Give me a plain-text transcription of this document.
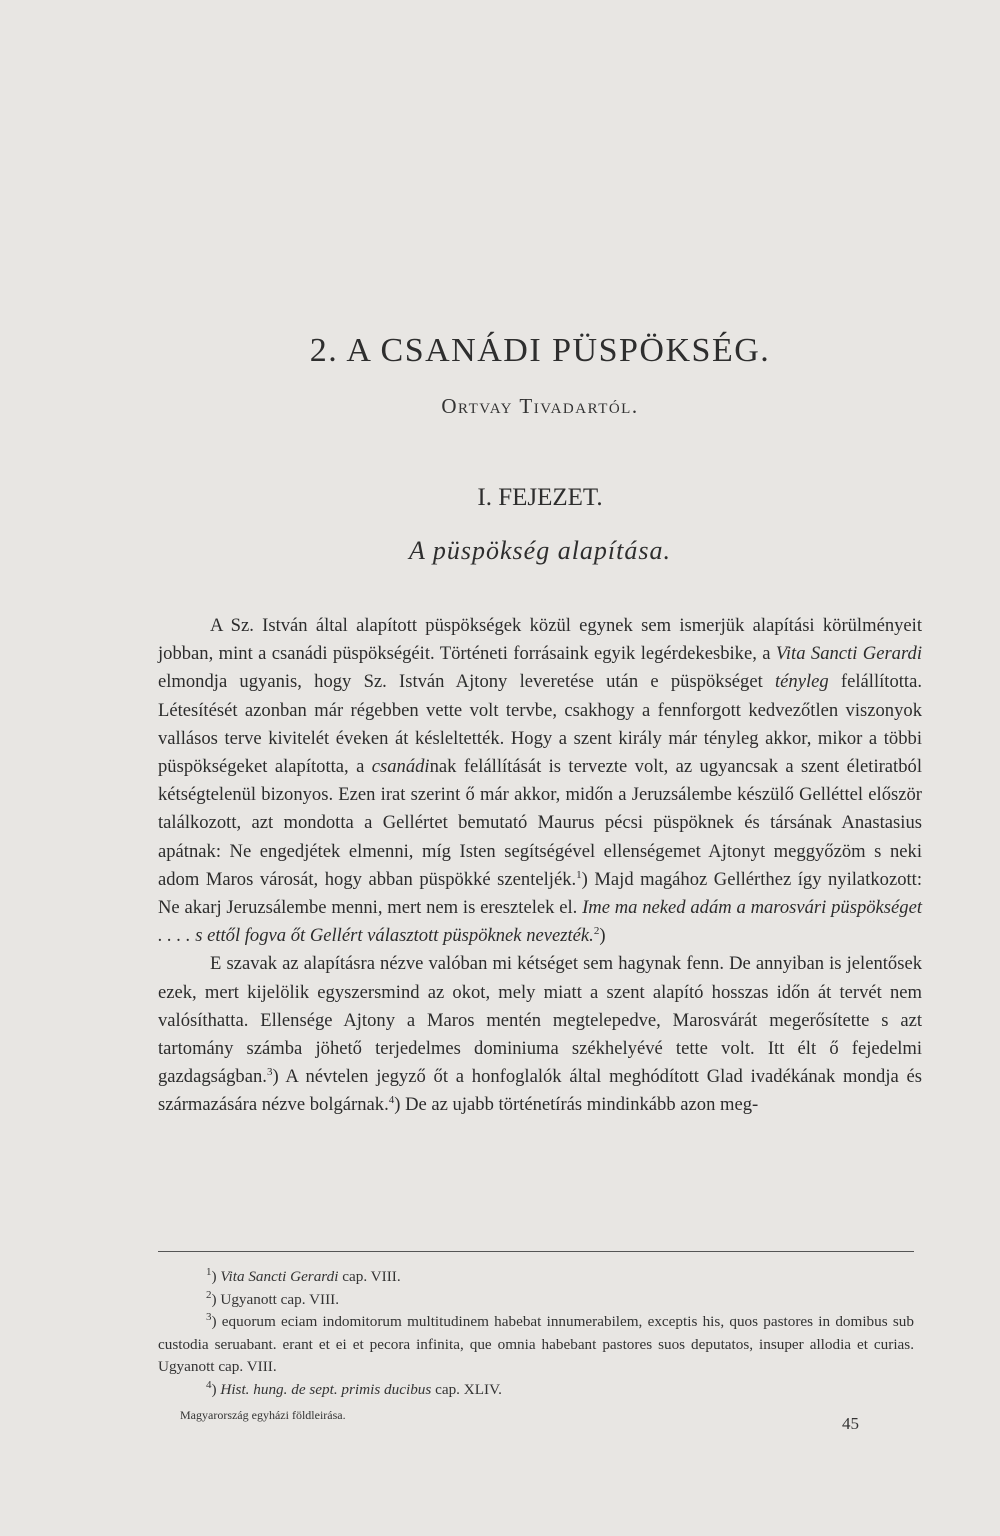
2. A CSANÁDI PÜSPÖKSÉG.
Ortvay Tivadartól.
I. FEJEZET.
A püspökség alapítása.

A Sz. István által alapított püspökségek közül egynek sem ismerjük alapítási körülményeit jobban, mint a csanádi püspökségéit. Történeti forrásaink egyik legérdekesbike, a Vita Sancti Gerardi elmondja ugyanis, hogy Sz. István Ajtony leveretése után e püspökséget tényleg felállította. Létesítését azonban már régebben vette volt tervbe, csakhogy a fennforgott kedvezőtlen viszonyok vallásos terve kivitelét éveken át késleltették. Hogy a szent király már tényleg akkor, mikor a többi püspökségeket alapította, a csanádinak felállítását is tervezte volt, az ugyancsak a szent életiratból kétségtelenül bizonyos. Ezen irat szerint ő már akkor, midőn a Jeruzsálembe készülő Gelléttel először találkozott, azt mondotta a Gellértet bemutató Maurus pécsi püspöknek és társának Anastasius apátnak: Ne engedjétek elmenni, míg Isten segítségével ellenségemet Ajtonyt meggyőzöm s neki adom Maros városát, hogy abban püspökké szenteljék.$^1$) Majd magához Gellérthez így nyilatkozott: Ne akarj Jeruzsálembe menni, mert nem is eresztelek el. Ime ma neked adám a marosvári püspökséget . . . . s ettől fogva őt Gellért választott püspöknek nevezték.$^2$)

E szavak az alapításra nézve valóban mi kétséget sem hagynak fenn. De annyiban is jelentősek ezek, mert kijelölik egyszersmind az okot, mely miatt a szent alapító hosszas időn át tervét nem valósíthatta. Ellensége Ajtony a Maros mentén megtelepedve, Marosvárát megerősítette s azt tartomány számba jöhető terjedelmes dominiuma székhelyévé tette volt. Itt élt ő fejedelmi gazdagságban.$^3$) A névtelen jegyző őt a honfoglalók által meghódított Glad ivadékának mondja és származására nézve bolgárnak.$^4$) De az ujabb történetírás mindinkább azon meg-

$^1$) Vita Sancti Gerardi cap. VIII.

$^2$) Ugyanott cap. VIII.

$^3$) equorum eciam indomitorum multitudinem habebat innumerabilem, exceptis his, quos pastores in domibus sub custodia seruabant. erant et ei et pecora infinita, que omnia habebant pastores suos deputatos, insuper allodia et curias. Ugyanott cap. VIII.

$^4$) Hist. hung. de sept. primis ducibus cap. XLIV.

Magyarország egyházi földleirása.	45
